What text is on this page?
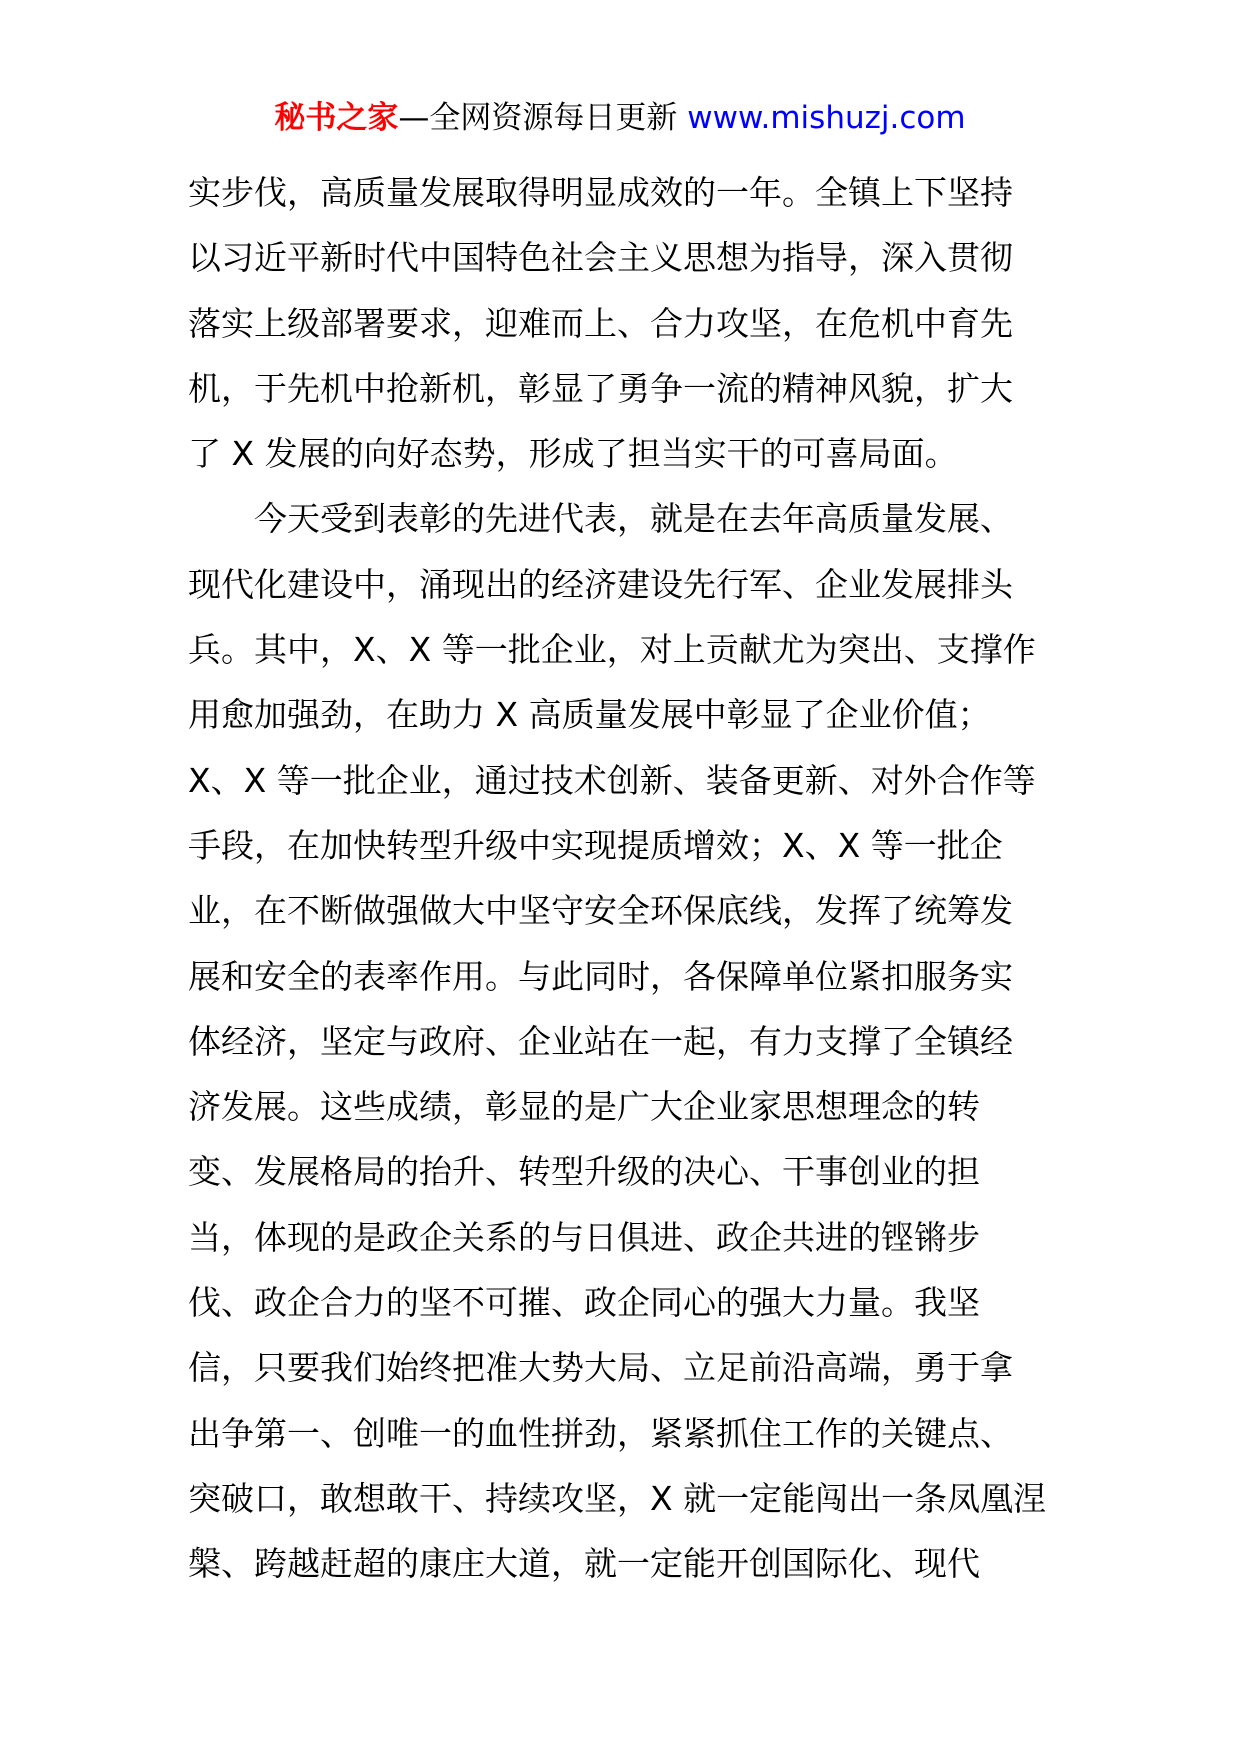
秘书之家—全网资源每日更新 www.mishuzj.com
实步伐，高质量发展取得明显成效的一年。全镇上下坚持
以习近平新时代中国特色社会主义思想为指导，深入贯彻
落实上级部署要求，迎难而上、合力攻坚，在危机中育先
机，于先机中抢新机，彰显了勇争一流的精神风貌，扩大
了 X 发展的向好态势，形成了担当实干的可喜局面。
今天受到表彰的先进代表，就是在去年高质量发展、
现代化建设中，涌现出的经济建设先行军、企业发展排头
兵。其中，X、X 等一批企业，对上贡献尤为突出、支撑作
用愈加强劲，在助力 X 高质量发展中彰显了企业价值；
X、X 等一批企业，通过技术创新、装备更新、对外合作等
手段，在加快转型升级中实现提质增效；X、X 等一批企
业，在不断做强做大中坚守安全环保底线，发挥了统筹发
展和安全的表率作用。与此同时，各保障单位紧扣服务实
体经济，坚定与政府、企业站在一起，有力支撑了全镇经
济发展。这些成绩，彰显的是广大企业家思想理念的转
变、发展格局的抬升、转型升级的决心、干事创业的担
当，体现的是政企关系的与日俱进、政企共进的铿锵步
伐、政企合力的坚不可摧、政企同心的强大力量。我坚
信，只要我们始终把准大势大局、立足前沿高端，勇于拿
出争第一、创唯一的血性拼劲，紧紧抓住工作的关键点、
突破口，敢想敢干、持续攻坚，X 就一定能闯出一条凤凰涅
槃、跨越赶超的康庄大道，就一定能开创国际化、现代
